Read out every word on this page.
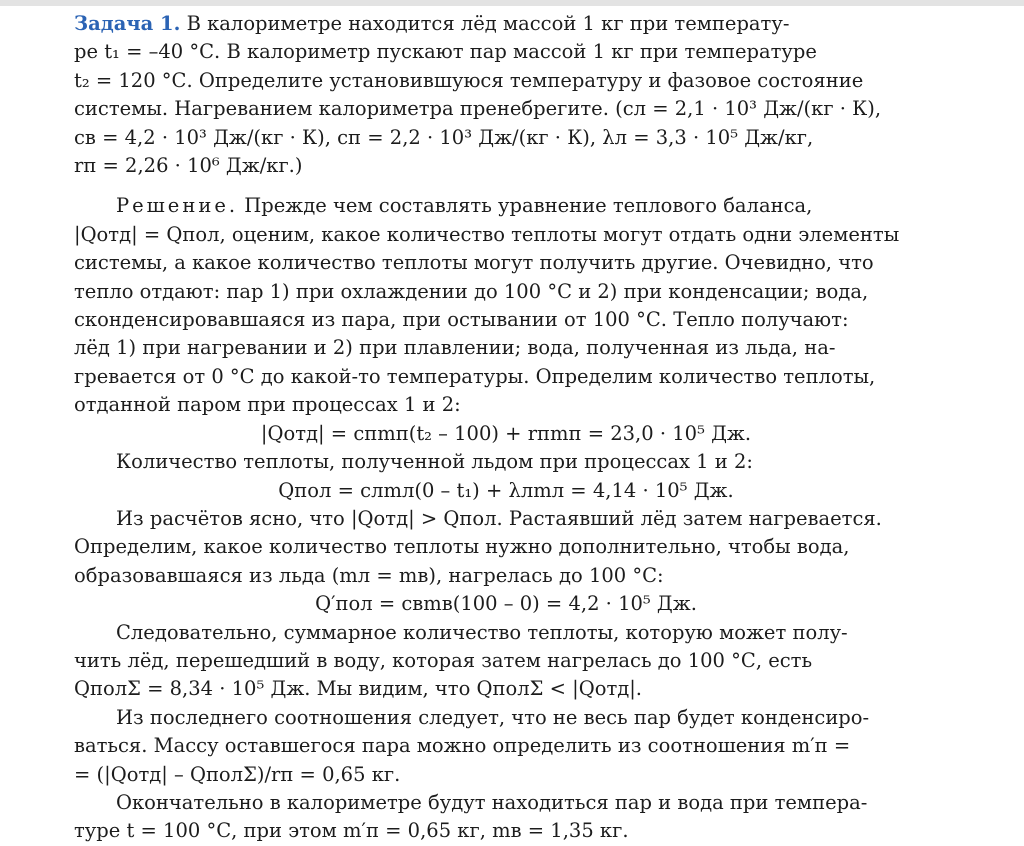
Задача 1. В калориметре находится лёд массой 1 кг при температу-

ре t₁ = –40 °С. В калориметр пускают пар массой 1 кг при температуре

t₂ = 120 °С. Определите установившуюся температуру и фазовое состояние

системы. Нагреванием калориметра пренебрегите. (cл = 2,1 · 10³ Дж/(кг · К),

cв = 4,2 · 10³ Дж/(кг · К), cп = 2,2 · 10³ Дж/(кг · К), λл = 3,3 · 10⁵ Дж/кг,

rп = 2,26 · 10⁶ Дж/кг.)

Решение. Прежде чем составлять уравнение теплового баланса,

|Qотд| = Qпол, оценим, какое количество теплоты могут отдать одни элементы

системы, а какое количество теплоты могут получить другие. Очевидно, что

тепло отдают: пар 1) при охлаждении до 100 °С и 2) при конденсации; вода,

сконденсировавшаяся из пара, при остывании от 100 °С. Тепло получают:

лёд 1) при нагревании и 2) при плавлении; вода, полученная из льда, на-

гревается от 0 °С до какой-то температуры. Определим количество теплоты,

отданной паром при процессах 1 и 2:

|Qотд| = cпmп(t₂ – 100) + rпmп = 23,0 · 10⁵ Дж.

Количество теплоты, полученной льдом при процессах 1 и 2:

Qпол = cлmл(0 – t₁) + λлmл = 4,14 · 10⁵ Дж.

Из расчётов ясно, что |Qотд| > Qпол. Растаявший лёд затем нагревается.

Определим, какое количество теплоты нужно дополнительно, чтобы вода,

образовавшаяся из льда (mл = mв), нагрелась до 100 °С:

Q′пол = cвmв(100 – 0) = 4,2 · 10⁵ Дж.

Следовательно, суммарное количество теплоты, которую может полу-

чить лёд, перешедший в воду, которая затем нагрелась до 100 °С, есть

QполΣ = 8,34 · 10⁵ Дж. Мы видим, что QполΣ < |Qотд|.

Из последнего соотношения следует, что не весь пар будет конденсиро-

ваться. Массу оставшегося пара можно определить из соотношения m′п =

= (|Qотд| – QполΣ)/rп = 0,65 кг.

Окончательно в калориметре будут находиться пар и вода при темпера-

туре t = 100 °С, при этом m′п = 0,65 кг, mв = 1,35 кг.
